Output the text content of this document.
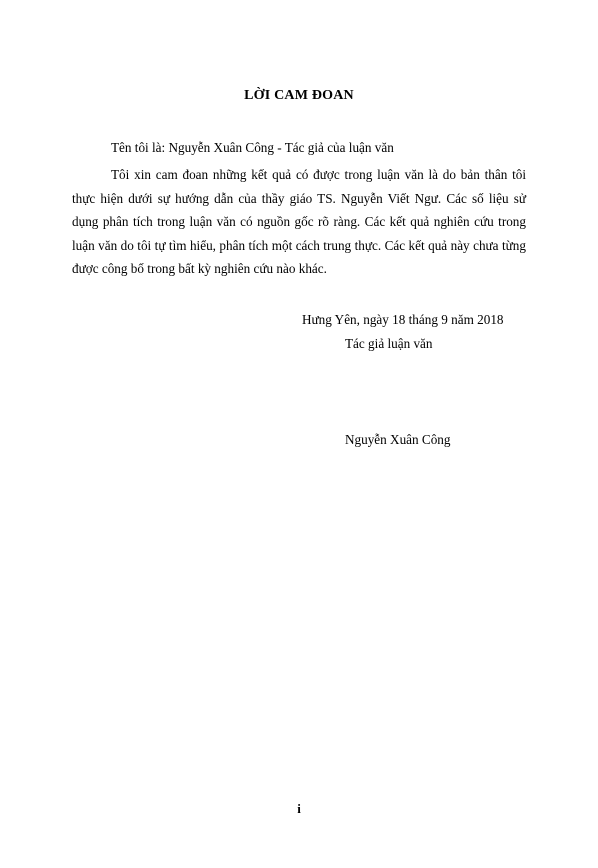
LỜI CAM ĐOAN
Tên tôi là: Nguyễn Xuân Công - Tác giả của luận văn

Tôi xin cam đoan những kết quả có được trong luận văn là do bản thân tôi thực hiện dưới sự hướng dẫn của thầy giáo TS. Nguyễn Viết Ngư. Các số liệu sử dụng phân tích trong luận văn có nguồn gốc rõ ràng. Các kết quả nghiên cứu trong luận văn do tôi tự tìm hiểu, phân tích một cách trung thực. Các kết quả này chưa từng được công bố trong bất kỳ nghiên cứu nào khác.

Hưng Yên, ngày 18 tháng 9 năm 2018
Tác giả luận văn
Nguyễn Xuân Công
i
